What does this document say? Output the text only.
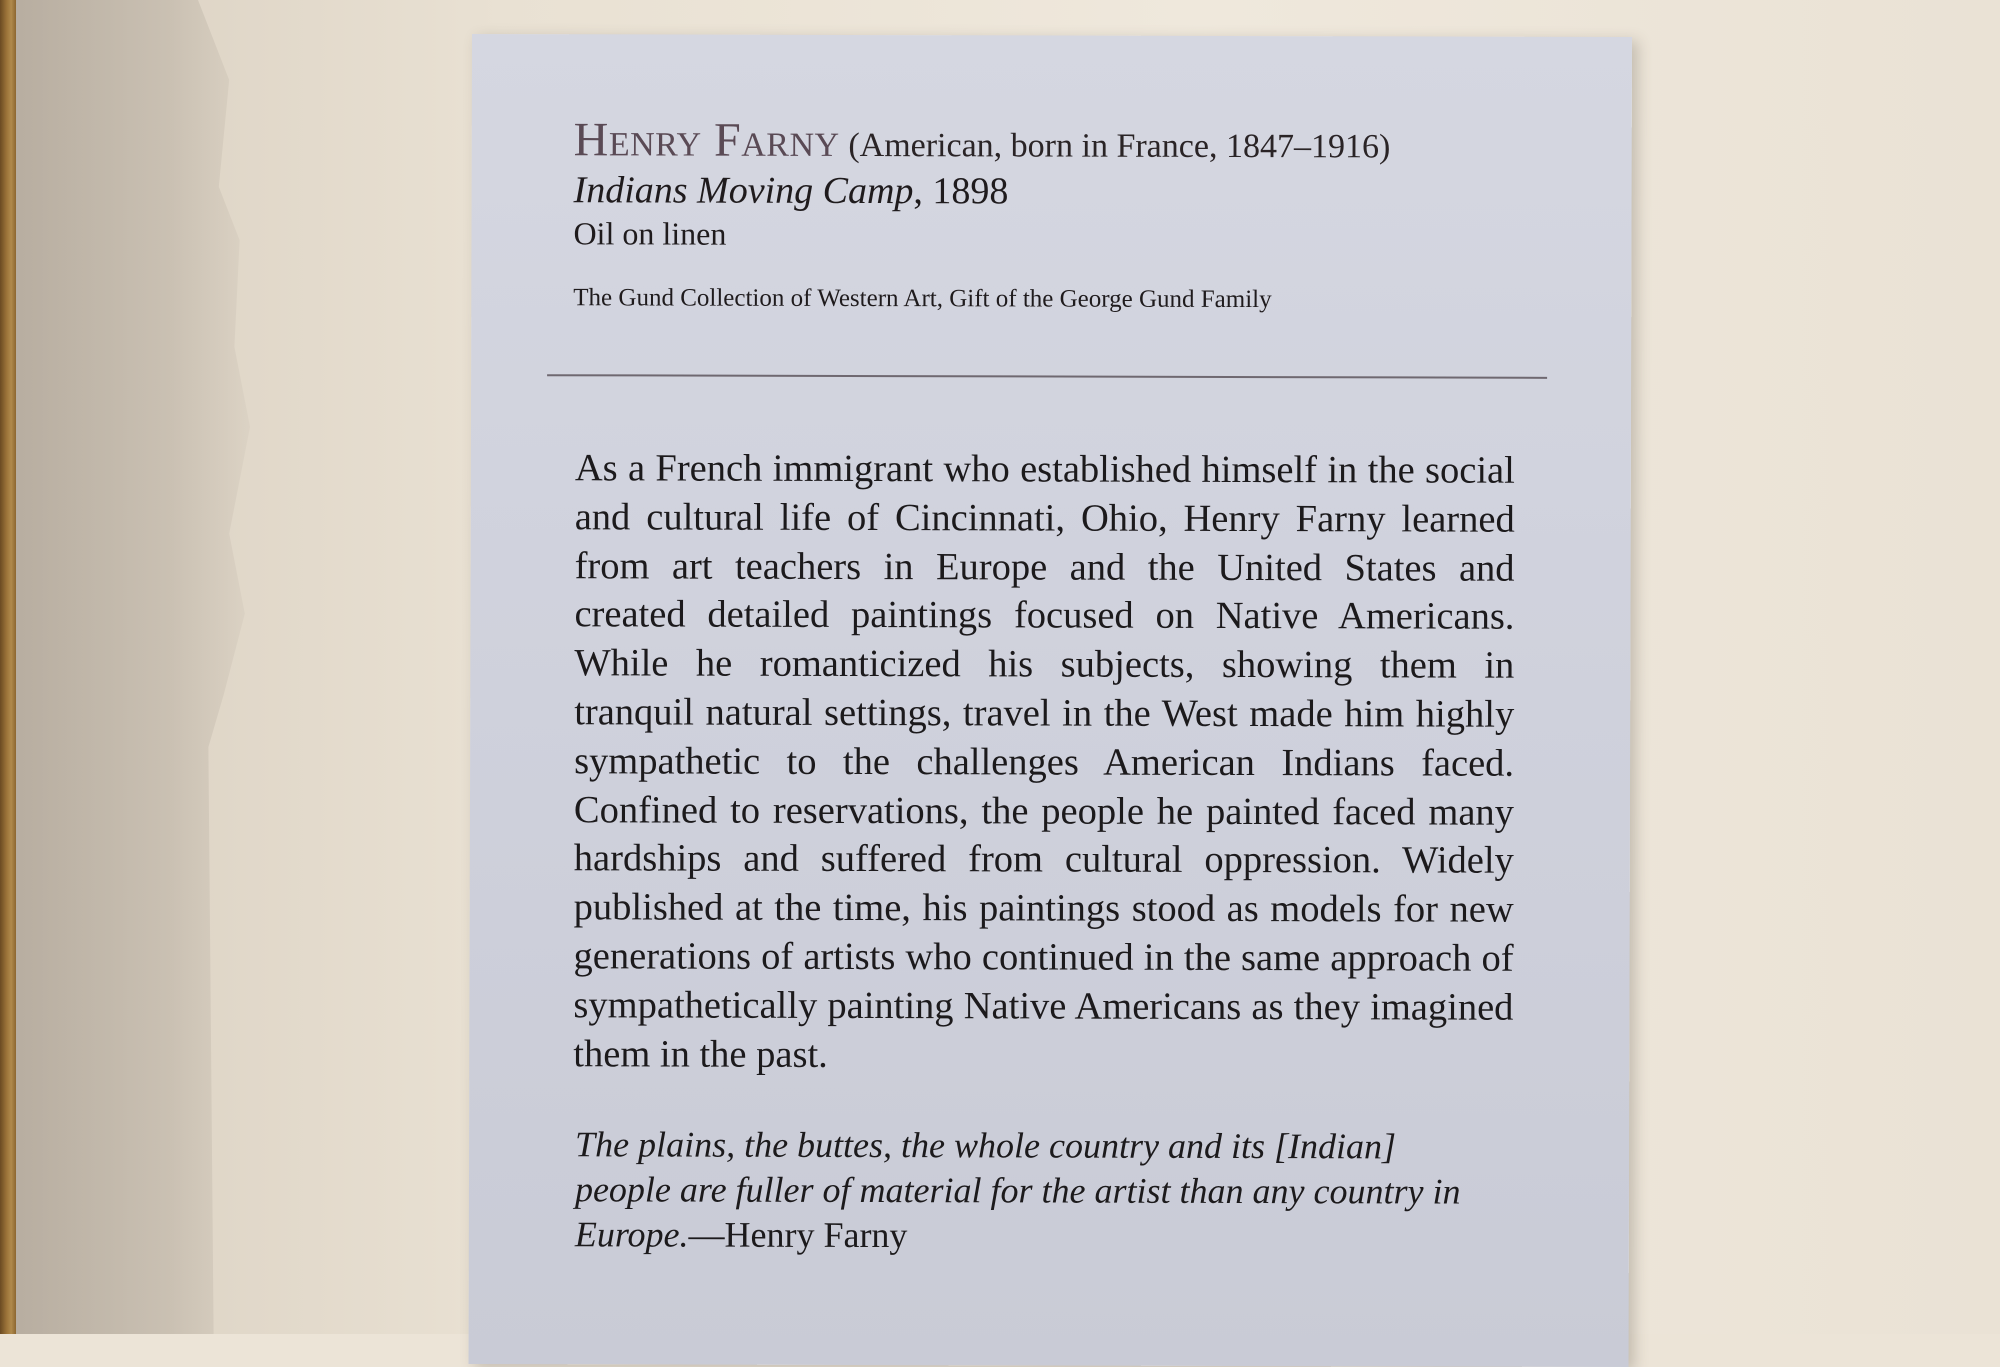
Henry Farny (American, born in France, 1847–1916)
Indians Moving Camp, 1898
Oil on linen
The Gund Collection of Western Art, Gift of the George Gund Family
As a French immigrant who established himself in the social and cultural life of Cincinnati, Ohio, Henry Farny learned from art teachers in Europe and the United States and created detailed paintings focused on Native Americans. While he romanticized his subjects, showing them in tranquil natural settings, travel in the West made him highly sympathetic to the challenges American Indians faced. Confined to reservations, the people he painted faced many hardships and suffered from cultural oppression. Widely published at the time, his paintings stood as models for new generations of artists who continued in the same approach of sympathetically painting Native Americans as they imagined them in the past.
The plains, the buttes, the whole country and its [Indian] people are fuller of material for the artist than any country in Europe.—Henry Farny
